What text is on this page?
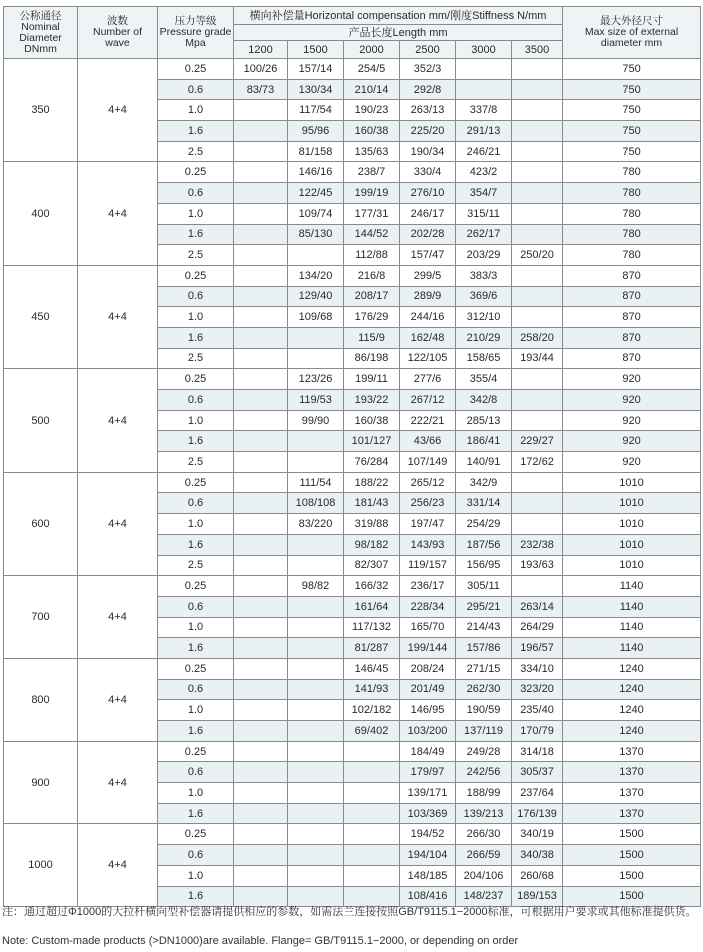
公称通径
Nominal
Diameter
DNmm	波数
Number of
wave	压力等级
Pressure grade
Mpa	横向补偿量Horizontal compensation mm/刚度Stiffness N/mm						最大外径尺寸
Max size of external
diameter mm
			产品长度Length mm						
			1200	1500	2000	2500	3000	3500	
350	4+4	0.25	100/26	157/14	254/5	352/3			750
		0.6	83/73	130/34	210/14	292/8			750
		1.0		117/54	190/23	263/13	337/8		750
		1.6		95/96	160/38	225/20	291/13		750
		2.5		81/158	135/63	190/34	246/21		750
400	4+4	0.25		146/16	238/7	330/4	423/2		780
		0.6		122/45	199/19	276/10	354/7		780
		1.0		109/74	177/31	246/17	315/11		780
		1.6		85/130	144/52	202/28	262/17		780
		2.5			112/88	157/47	203/29	250/20	780
450	4+4	0.25		134/20	216/8	299/5	383/3		870
		0.6		129/40	208/17	289/9	369/6		870
		1.0		109/68	176/29	244/16	312/10		870
		1.6			115/9	162/48	210/29	258/20	870
		2.5			86/198	122/105	158/65	193/44	870
500	4+4	0.25		123/26	199/11	277/6	355/4		920
		0.6		119/53	193/22	267/12	342/8		920
		1.0		99/90	160/38	222/21	285/13		920
		1.6			101/127	43/66	186/41	229/27	920
		2.5			76/284	107/149	140/91	172/62	920
600	4+4	0.25		111/54	188/22	265/12	342/9		1010
		0.6		108/108	181/43	256/23	331/14		1010
		1.0		83/220	319/88	197/47	254/29		1010
		1.6			98/182	143/93	187/56	232/38	1010
		2.5			82/307	119/157	156/95	193/63	1010
700	4+4	0.25		98/82	166/32	236/17	305/11		1140
		0.6			161/64	228/34	295/21	263/14	1140
		1.0			117/132	165/70	214/43	264/29	1140
		1.6			81/287	199/144	157/86	196/57	1140
800	4+4	0.25			146/45	208/24	271/15	334/10	1240
		0.6			141/93	201/49	262/30	323/20	1240
		1.0			102/182	146/95	190/59	235/40	1240
		1.6			69/402	103/200	137/119	170/79	1240
900	4+4	0.25				184/49	249/28	314/18	1370
		0.6				179/97	242/56	305/37	1370
		1.0				139/171	188/99	237/64	1370
		1.6				103/369	139/213	176/139	1370
1000	4+4	0.25				194/52	266/30	340/19	1500
		0.6				194/104	266/59	340/38	1500
		1.0				148/185	204/106	260/68	1500
		1.6				108/416	148/237	189/153	1500
注：通过超过Φ1000的大拉杆横向型补偿器请提供相应的参数，如需法兰连接按照GB/T9115.1−2000标准，可根据用户要求或其他标准提供货。
Note: Custom-made products (>DN1000)are available. Flange= GB/T9115.1−2000, or depending on order
